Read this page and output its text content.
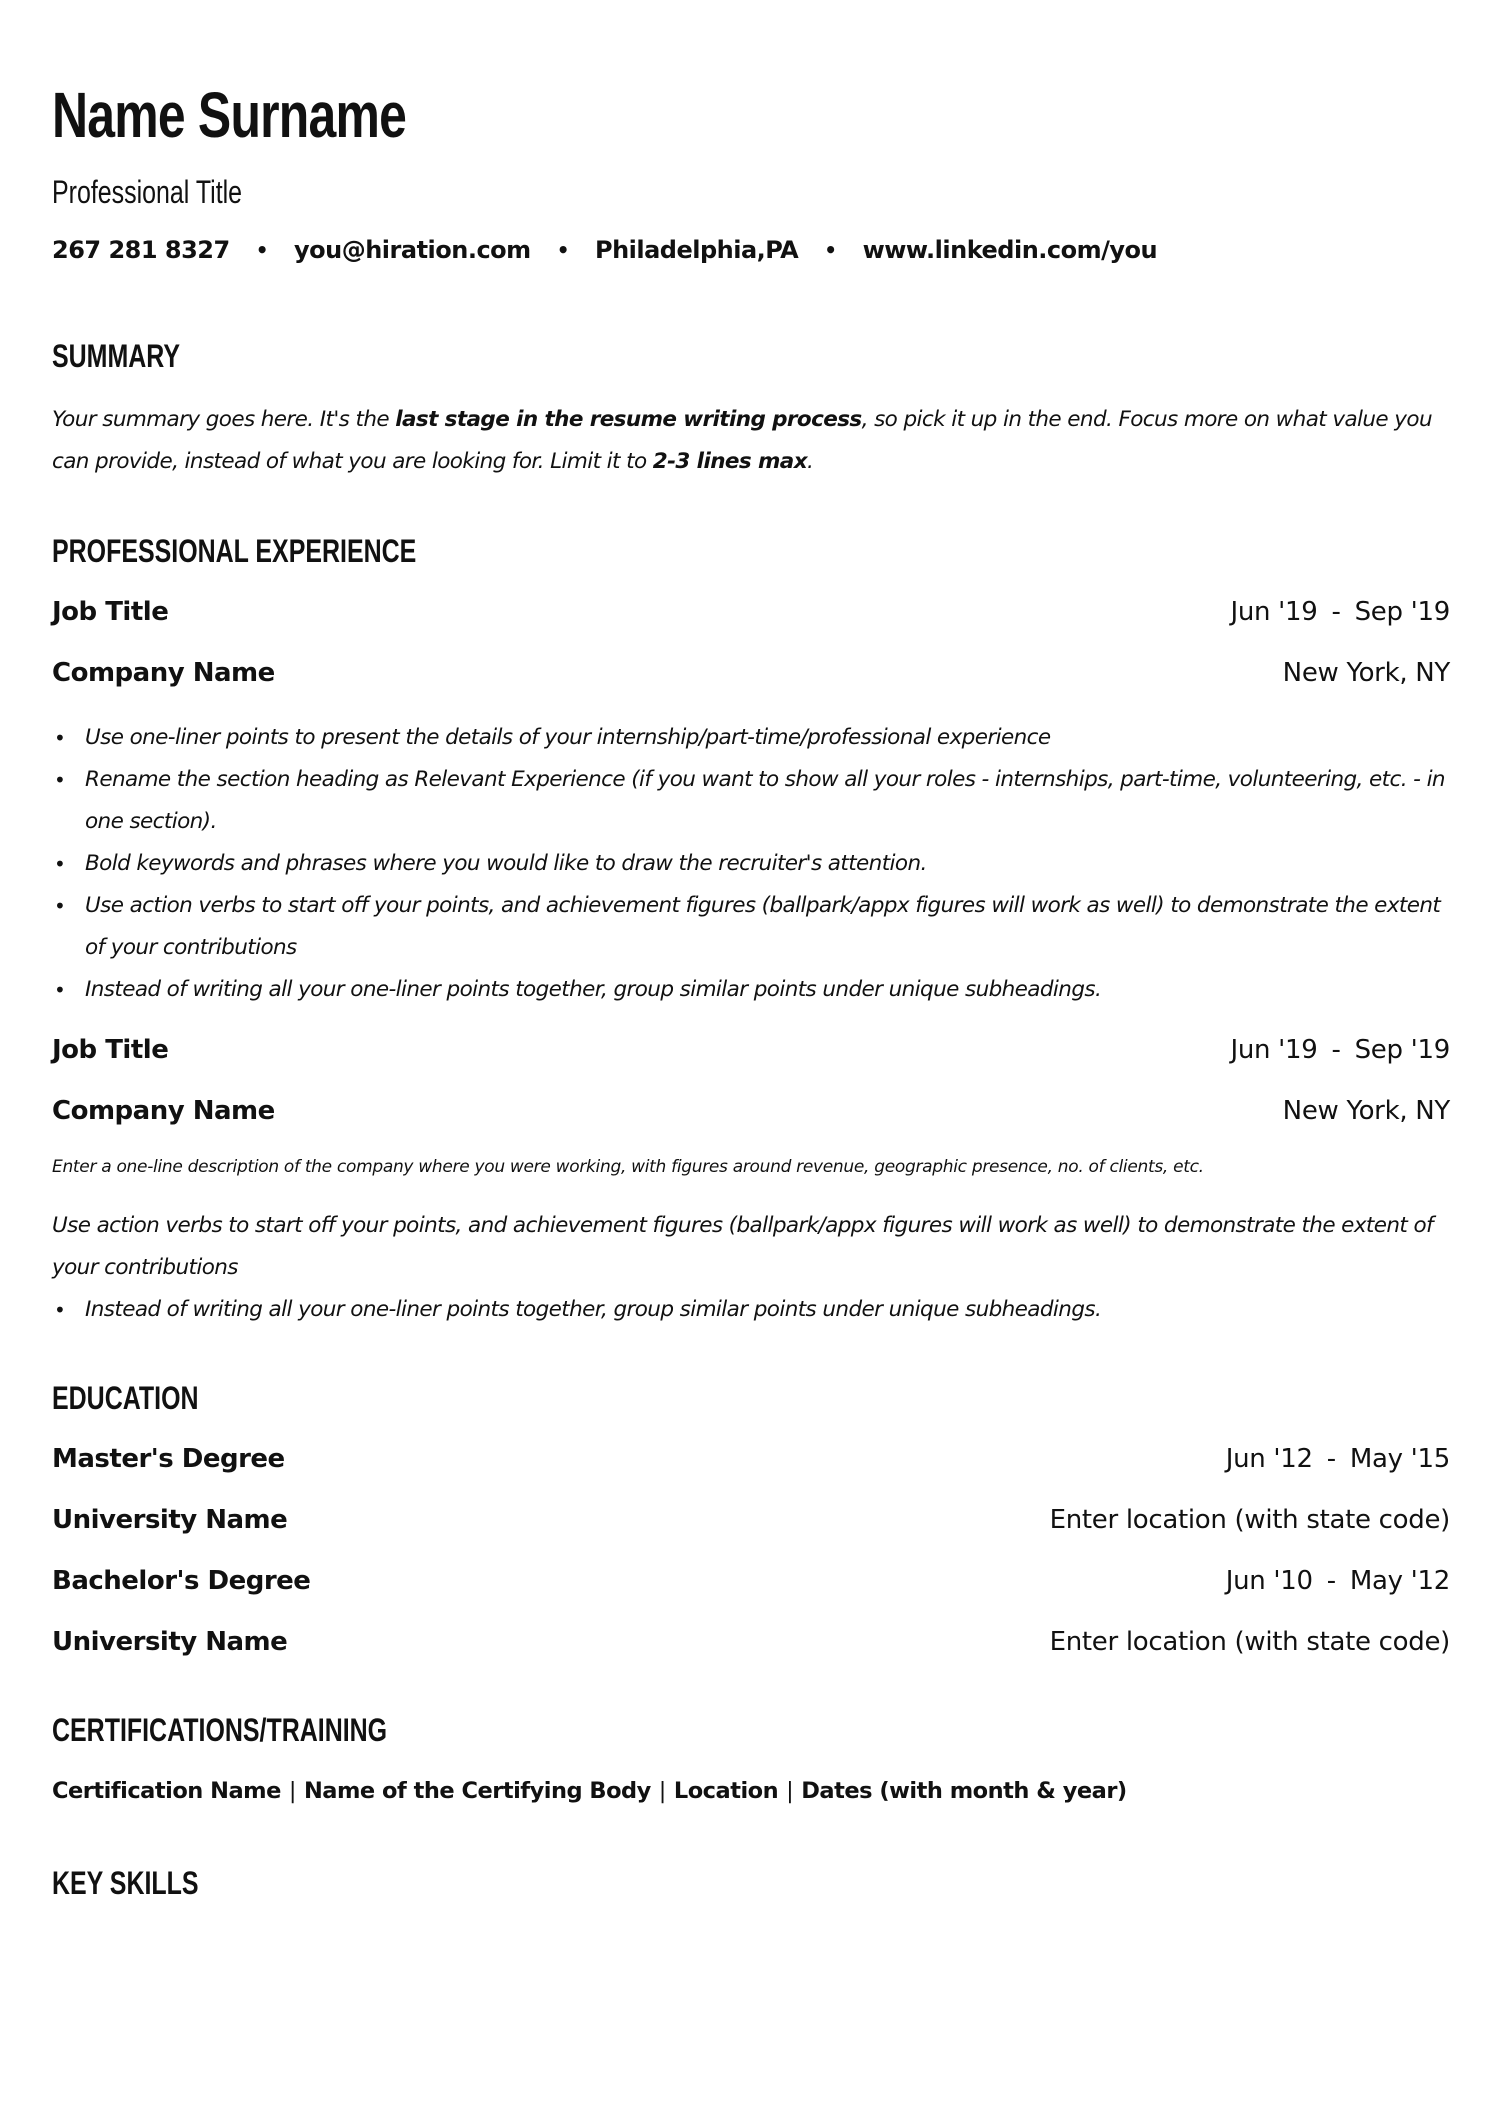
Name Surname
Professional Title
267 281 8327 • you@hiration.com • Philadelphia,PA • www.linkedin.com/you
SUMMARY
Your summary goes here. It's the last stage in the resume writing process, so pick it up in the end. Focus more on what value you can provide, instead of what you are looking for. Limit it to 2-3 lines max.
PROFESSIONAL EXPERIENCE
Job Title	Jun '19 - Sep '19
Company Name	New York, NY
• Use one-liner points to present the details of your internship/part-time/professional experience
• Rename the section heading as Relevant Experience (if you want to show all your roles - internships, part-time, volunteering, etc. - in one section).
• Bold keywords and phrases where you would like to draw the recruiter's attention.
• Use action verbs to start off your points, and achievement figures (ballpark/appx figures will work as well) to demonstrate the extent of your contributions
• Instead of writing all your one-liner points together, group similar points under unique subheadings.
Job Title	Jun '19 - Sep '19
Company Name	New York, NY
Enter a one-line description of the company where you were working, with figures around revenue, geographic presence, no. of clients, etc.
Use action verbs to start off your points, and achievement figures (ballpark/appx figures will work as well) to demonstrate the extent of your contributions
• Instead of writing all your one-liner points together, group similar points under unique subheadings.
EDUCATION
Master's Degree	Jun '12 - May '15
University Name	Enter location (with state code)
Bachelor's Degree	Jun '10 - May '12
University Name	Enter location (with state code)
CERTIFICATIONS/TRAINING
Certification Name | Name of the Certifying Body | Location | Dates (with month & year)
KEY SKILLS
